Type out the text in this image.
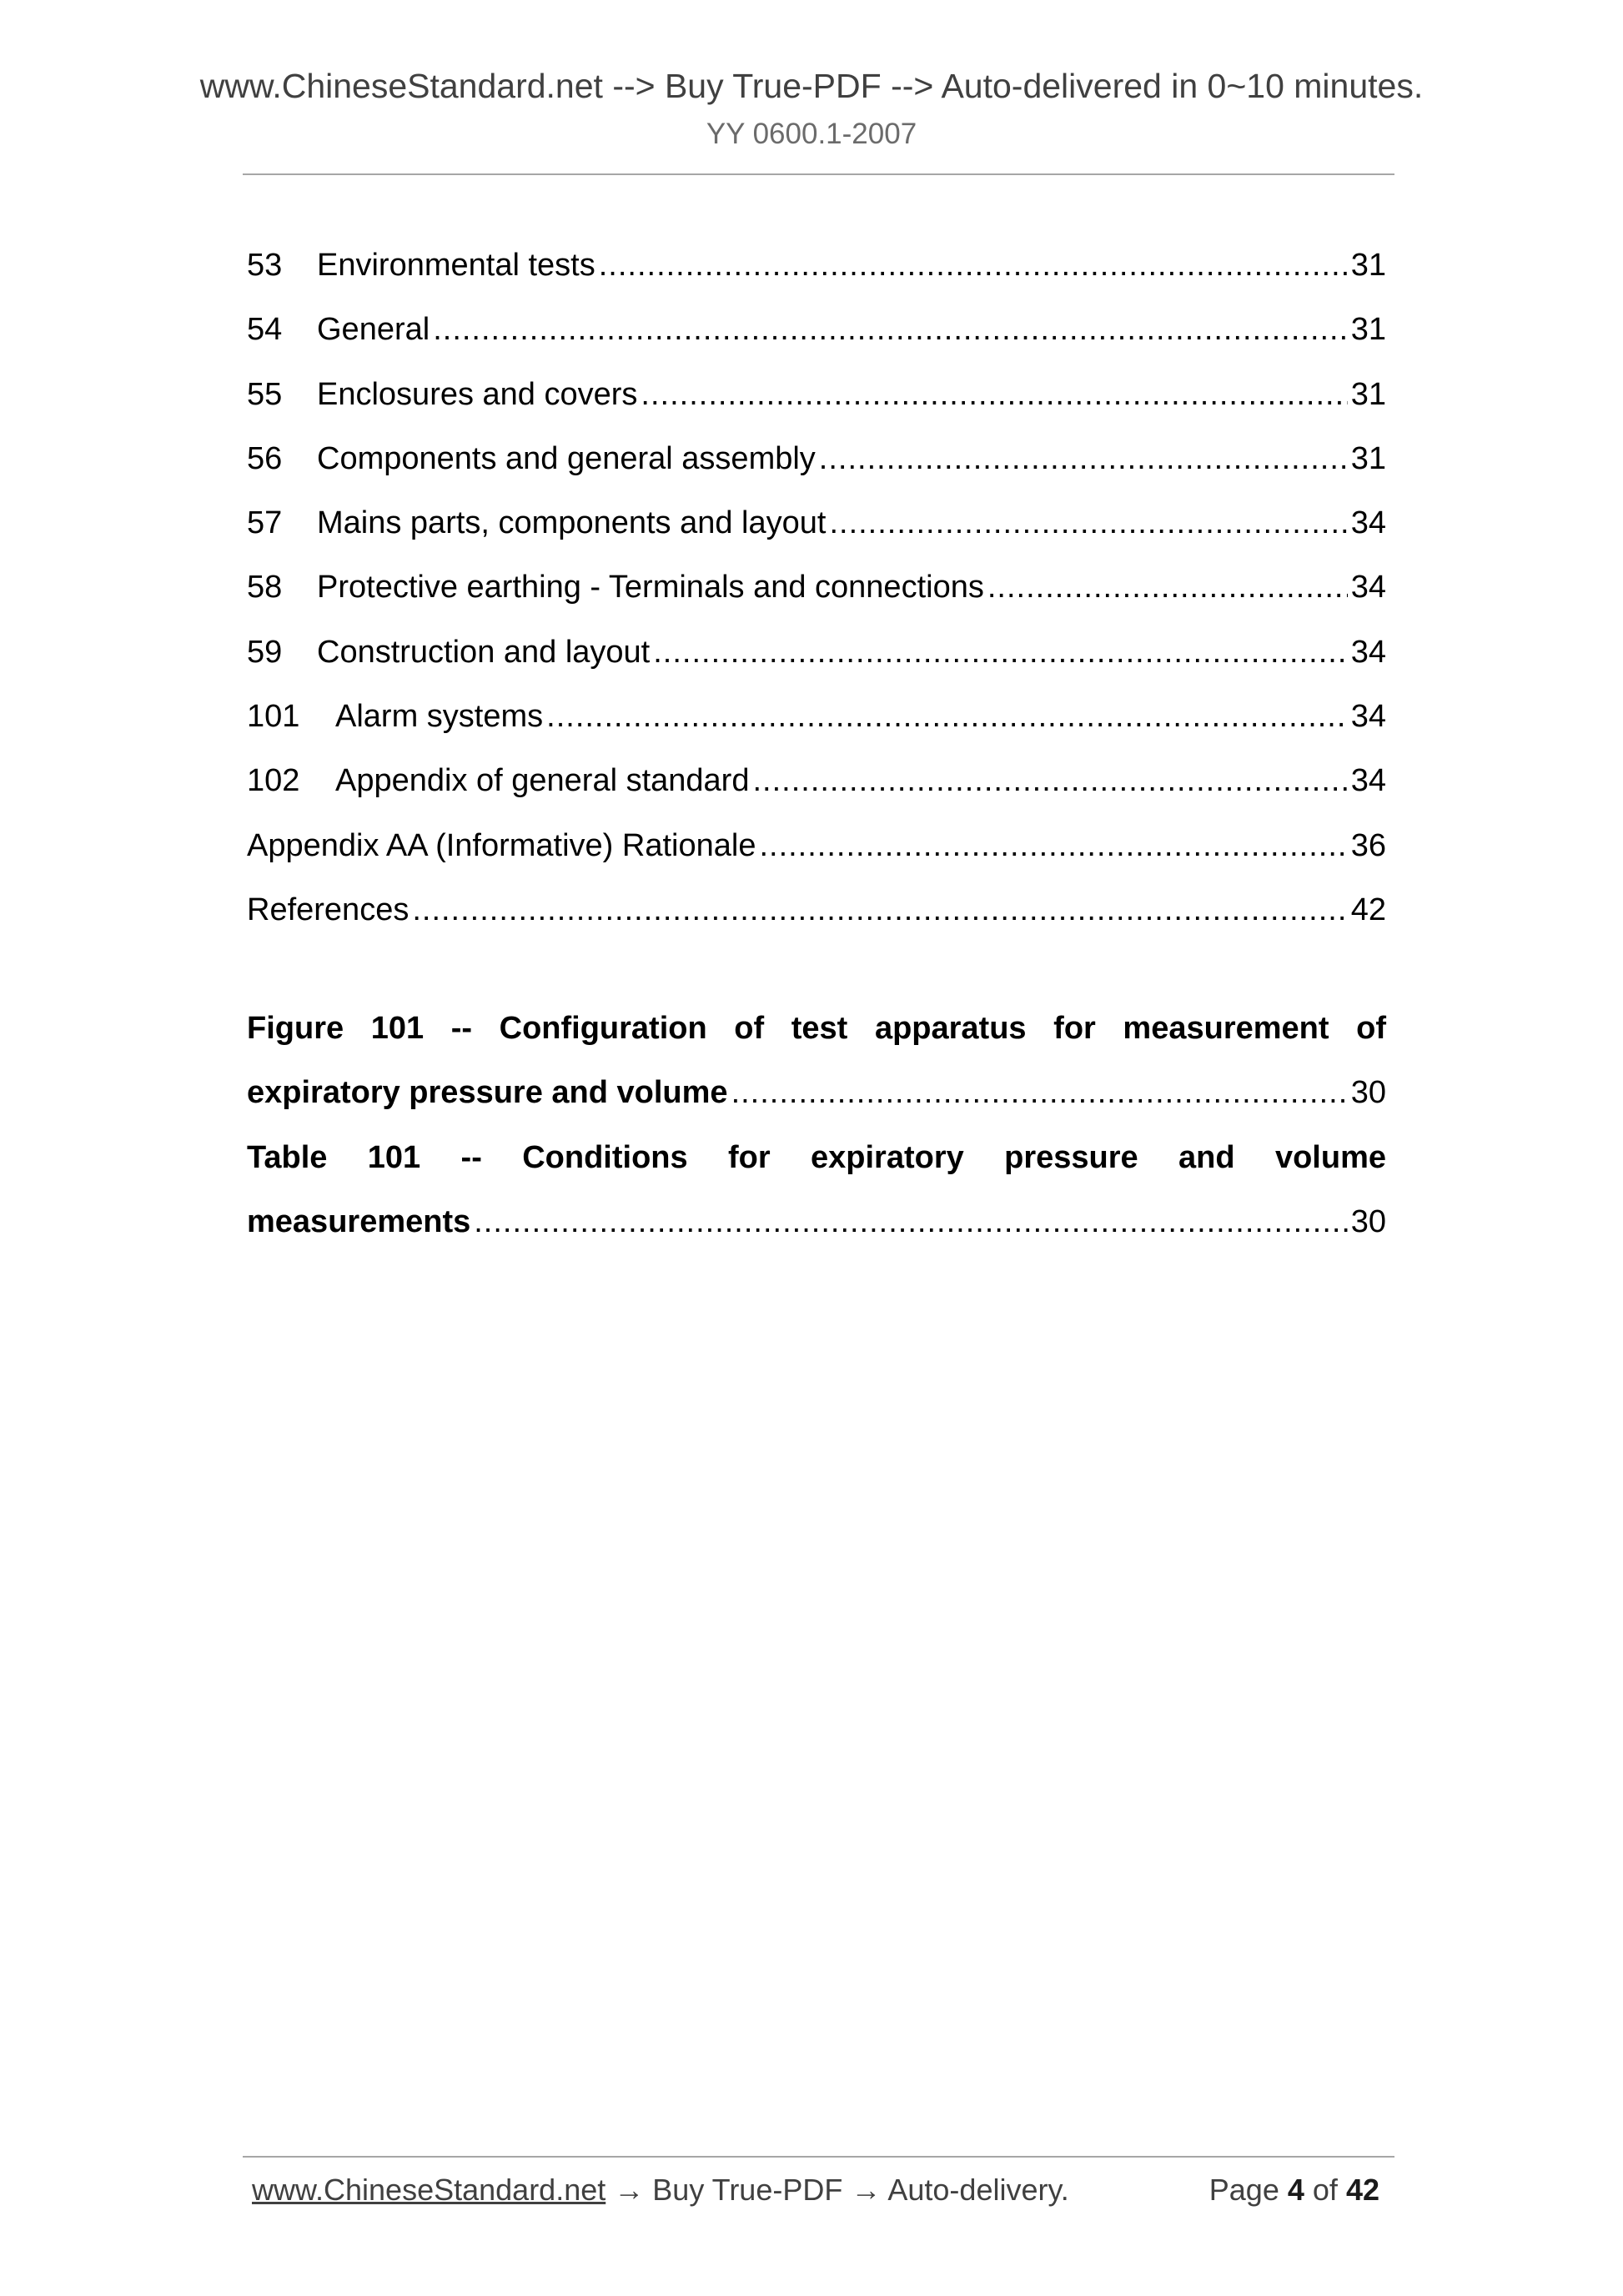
www.ChineseStandard.net --> Buy True-PDF --> Auto-delivered in 0~10 minutes.
YY 0600.1-2007
53	Environmental tests .....	31
54	General .....	31
55	Enclosures and covers .....	31
56	Components and general assembly .....	31
57	Mains parts, components and layout .....	34
58	Protective earthing - Terminals and connections .....	34
59	Construction and layout .....	34
101	Alarm systems .....	34
102	Appendix of general standard .....	34
Appendix AA (Informative) Rationale .....	36
References .....	42
Figure 101 -- Configuration of test apparatus for measurement of
expiratory pressure and volume .....	30
Table 101 -- Conditions for expiratory pressure and volume
measurements .....	30
www.ChineseStandard.net → Buy True-PDF → Auto-delivery.	Page 4 of 42
